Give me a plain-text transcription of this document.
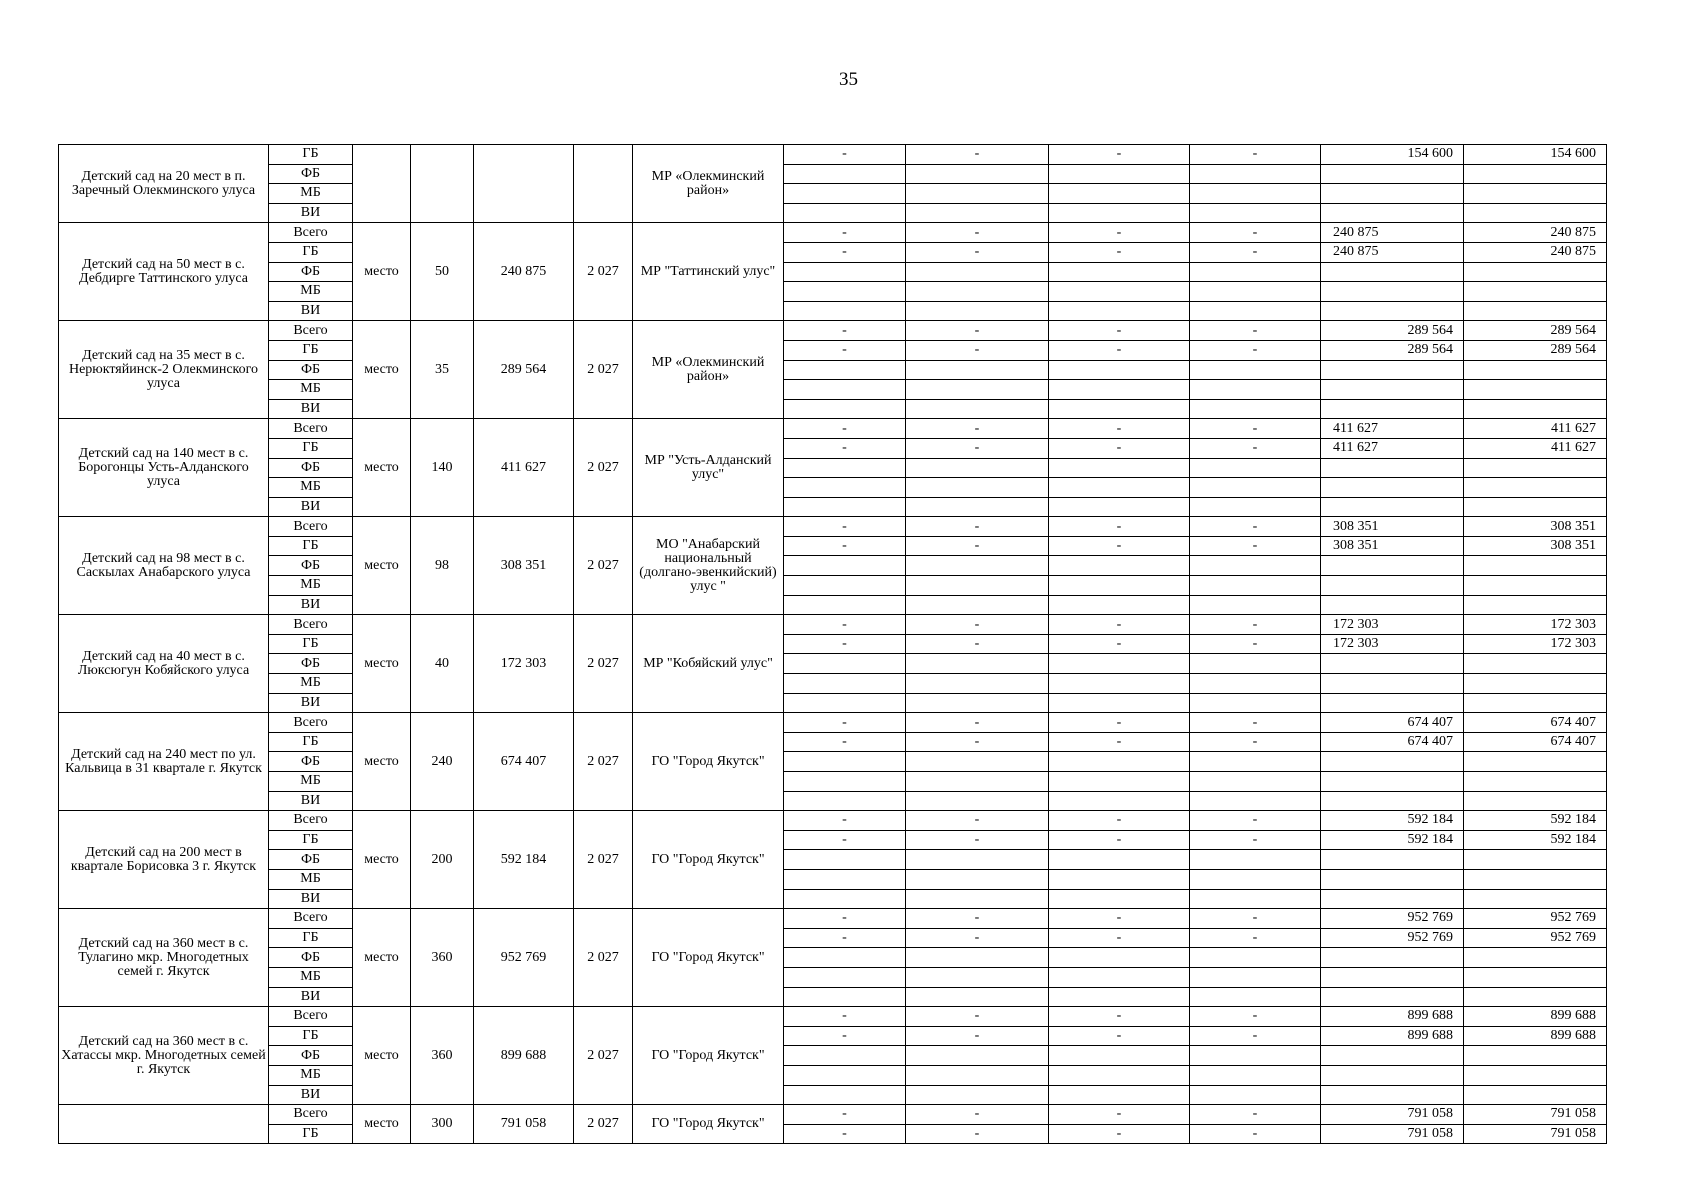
35
Детский сад на 20 мест в п. Заречный Олекминского улуса	ГБ					МР «Олекминский район»	-	-	-	-	154 600	154 600
	ФБ											
	МБ											
	ВИ											
Детский сад на 50 мест в с. Дебдирге Таттинского улуса	Всего	место	50	240 875	2 027	МР "Таттинский улус"	-	-	-	-	240 875	240 875
	ГБ						-	-	-	-	240 875	240 875
	ФБ											
	МБ											
	ВИ											
Детский сад на 35 мест в с. Нерюктяйинск-2 Олекминского улуса	Всего	место	35	289 564	2 027	МР «Олекминский район»	-	-	-	-	289 564	289 564
	ГБ						-	-	-	-	289 564	289 564
	ФБ											
	МБ											
	ВИ											
Детский сад на 140 мест в с. Борогонцы Усть-Алданского улуса	Всего	место	140	411 627	2 027	МР "Усть-Алданский улус"	-	-	-	-	411 627	411 627
	ГБ						-	-	-	-	411 627	411 627
	ФБ											
	МБ											
	ВИ											
Детский сад на 98 мест в с. Саскылах Анабарского улуса	Всего	место	98	308 351	2 027	МО "Анабарский национальный (долгано-эвенкийский) улус "	-	-	-	-	308 351	308 351
	ГБ						-	-	-	-	308 351	308 351
	ФБ											
	МБ											
	ВИ											
Детский сад на 40 мест в с. Люксюгун Кобяйского улуса	Всего	место	40	172 303	2 027	МР "Кобяйский улус"	-	-	-	-	172 303	172 303
	ГБ						-	-	-	-	172 303	172 303
	ФБ											
	МБ											
	ВИ											
Детский сад на 240 мест по ул. Кальвица в 31 квартале г. Якутск	Всего	место	240	674 407	2 027	ГО "Город Якутск"	-	-	-	-	674 407	674 407
	ГБ						-	-	-	-	674 407	674 407
	ФБ											
	МБ											
	ВИ											
Детский сад на 200 мест в квартале Борисовка 3 г. Якутск	Всего	место	200	592 184	2 027	ГО "Город Якутск"	-	-	-	-	592 184	592 184
	ГБ						-	-	-	-	592 184	592 184
	ФБ											
	МБ											
	ВИ											
Детский сад на 360 мест в с. Тулагино мкр. Многодетных семей г. Якутск	Всего	место	360	952 769	2 027	ГО "Город Якутск"	-	-	-	-	952 769	952 769
	ГБ						-	-	-	-	952 769	952 769
	ФБ											
	МБ											
	ВИ											
Детский сад на 360 мест в с. Хатассы мкр. Многодетных семей г. Якутск	Всего	место	360	899 688	2 027	ГО "Город Якутск"	-	-	-	-	899 688	899 688
	ГБ						-	-	-	-	899 688	899 688
	ФБ											
	МБ											
	ВИ											
	Всего	место	300	791 058	2 027	ГО "Город Якутск"	-	-	-	-	791 058	791 058
	ГБ						-	-	-	-	791 058	791 058
